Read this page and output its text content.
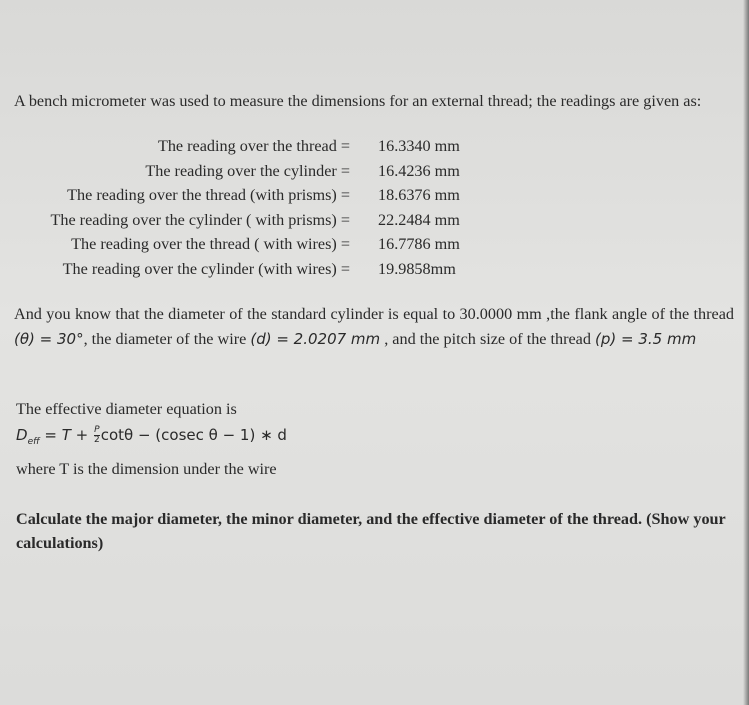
A bench micrometer was used to measure the dimensions for an external thread; the readings are given as:

The reading over the thread = 16.3340 mm
The reading over the cylinder = 16.4236 mm
The reading over the thread (with prisms) = 18.6376 mm
The reading over the cylinder ( with prisms) = 22.2484 mm
The reading over the thread ( with wires) = 16.7786 mm
The reading over the cylinder (with wires) = 19.9858mm

And you know that the diameter of the standard cylinder is equal to 30.0000 mm ,the flank angle of the thread (θ) = 30°, the diameter of the wire (d) = 2.0207 mm , and the pitch size of the thread (p) = 3.5 mm

The effective diameter equation is

$D_{eff} = T + \frac{P}{2}$ cotθ − (cosec θ − 1) ∗ d

where T is the dimension under the wire

Calculate the major diameter, the minor diameter, and the effective diameter of the thread. (Show your calculations)
